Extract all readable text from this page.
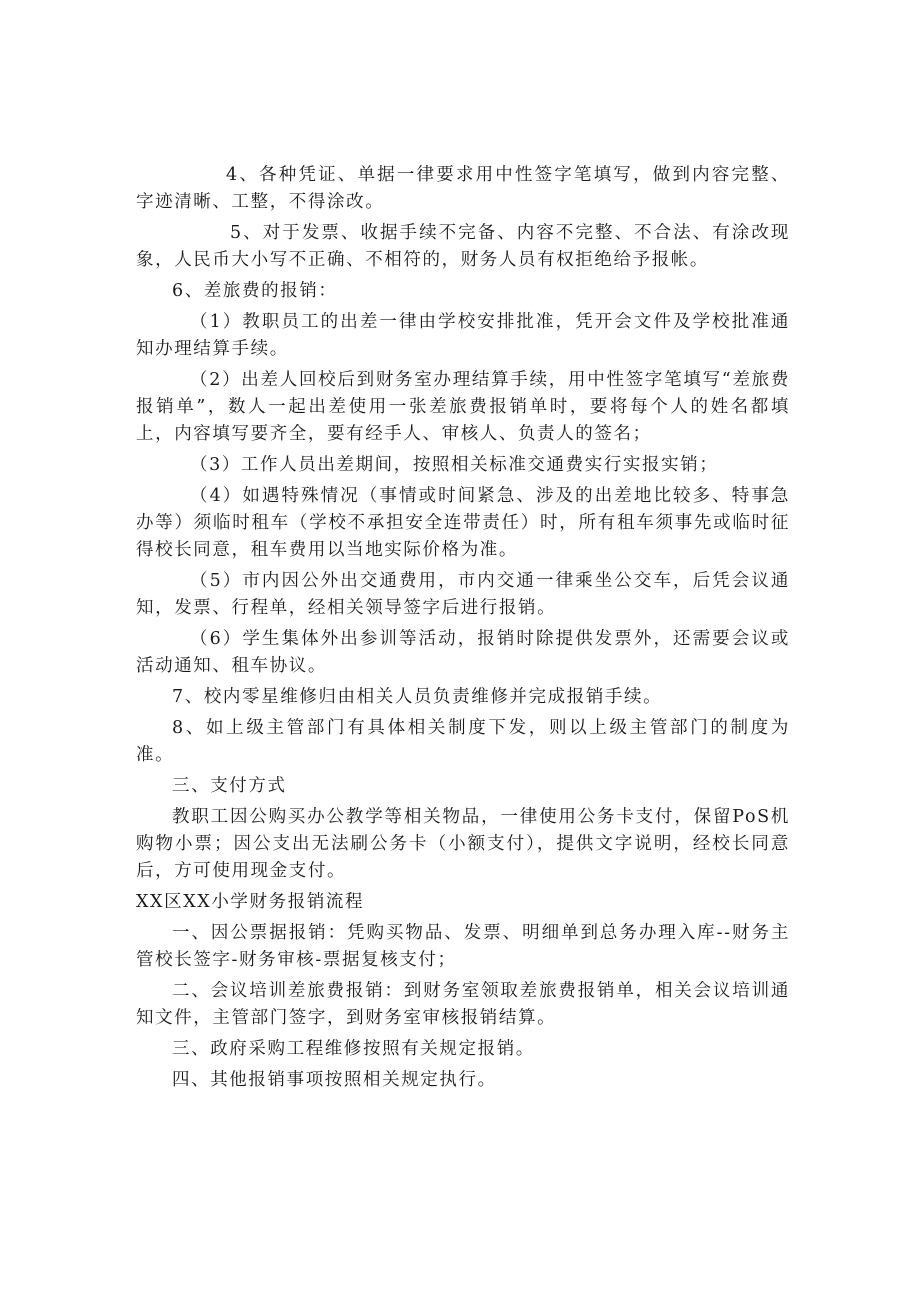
4、各种凭证、单据一律要求用中性签字笔填写，做到内容完整、字迹清晰、工整，不得涂改。

5、对于发票、收据手续不完备、内容不完整、不合法、有涂改现象，人民币大小写不正确、不相符的，财务人员有权拒绝给予报帐。

6、差旅费的报销：

（1）教职员工的出差一律由学校安排批准，凭开会文件及学校批准通知办理结算手续。

（2）出差人回校后到财务室办理结算手续，用中性签字笔填写“差旅费报销单”，数人一起出差使用一张差旅费报销单时，要将每个人的姓名都填上，内容填写要齐全，要有经手人、审核人、负责人的签名；

（3）工作人员出差期间，按照相关标准交通费实行实报实销；

（4）如遇特殊情况（事情或时间紧急、涉及的出差地比较多、特事急办等）须临时租车（学校不承担安全连带责任）时，所有租车须事先或临时征得校长同意，租车费用以当地实际价格为准。

（5）市内因公外出交通费用，市内交通一律乘坐公交车，后凭会议通知，发票、行程单，经相关领导签字后进行报销。

（6）学生集体外出参训等活动，报销时除提供发票外，还需要会议或活动通知、租车协议。

7、校内零星维修归由相关人员负责维修并完成报销手续。

8、如上级主管部门有具体相关制度下发，则以上级主管部门的制度为准。

三、支付方式

教职工因公购买办公教学等相关物品，一律使用公务卡支付，保留PoS机购物小票；因公支出无法刷公务卡（小额支付），提供文字说明，经校长同意后，方可使用现金支付。

XX区XX小学财务报销流程

一、因公票据报销：凭购买物品、发票、明细单到总务办理入库--财务主管校长签字-财务审核-票据复核支付；

二、会议培训差旅费报销：到财务室领取差旅费报销单，相关会议培训通知文件，主管部门签字，到财务室审核报销结算。

三、政府采购工程维修按照有关规定报销。

四、其他报销事项按照相关规定执行。
